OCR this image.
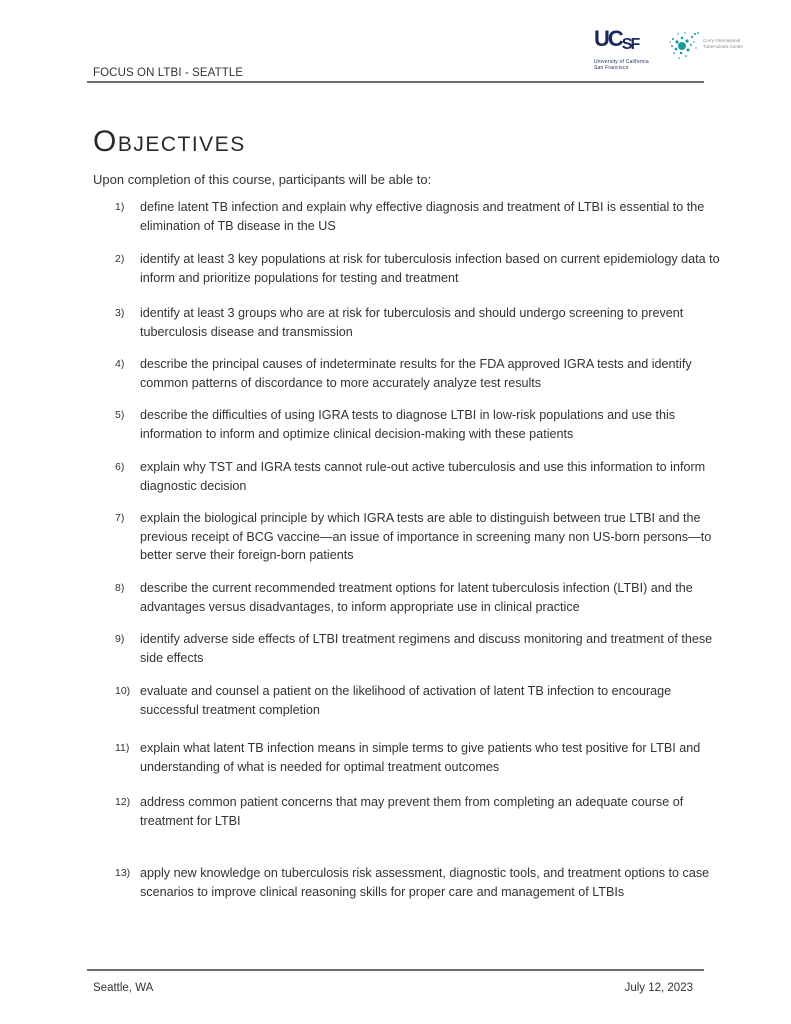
FOCUS ON LTBI - SEATTLE
UCSF
University of California San Francisco
Curry International Tuberculosis Center
Objectives
Upon completion of this course, participants will be able to:
1) define latent TB infection and explain why effective diagnosis and treatment of LTBI is essential to the elimination of TB disease in the US
2) identify at least 3 key populations at risk for tuberculosis infection based on current epidemiology data to inform and prioritize populations for testing and treatment
3) identify at least 3 groups who are at risk for tuberculosis and should undergo screening to prevent tuberculosis disease and transmission
4) describe the principal causes of indeterminate results for the FDA approved IGRA tests and identify common patterns of discordance to more accurately analyze test results
5) describe the difficulties of using IGRA tests to diagnose LTBI in low-risk populations and use this information to inform and optimize clinical decision-making with these patients
6) explain why TST and IGRA tests cannot rule-out active tuberculosis and use this information to inform diagnostic decision
7) explain the biological principle by which IGRA tests are able to distinguish between true LTBI and the previous receipt of BCG vaccine—an issue of importance in screening many non US-born persons—to better serve their foreign-born patients
8) describe the current recommended treatment options for latent tuberculosis infection (LTBI) and the advantages versus disadvantages, to inform appropriate use in clinical practice
9) identify adverse side effects of LTBI treatment regimens and discuss monitoring and treatment of these side effects
10) evaluate and counsel a patient on the likelihood of activation of latent TB infection to encourage successful treatment completion
11) explain what latent TB infection means in simple terms to give patients who test positive for LTBI and understanding of what is needed for optimal treatment outcomes
12) address common patient concerns that may prevent them from completing an adequate course of treatment for LTBI
13) apply new knowledge on tuberculosis risk assessment, diagnostic tools, and treatment options to case scenarios to improve clinical reasoning skills for proper care and management of LTBIs
Seattle, WA	July 12, 2023
